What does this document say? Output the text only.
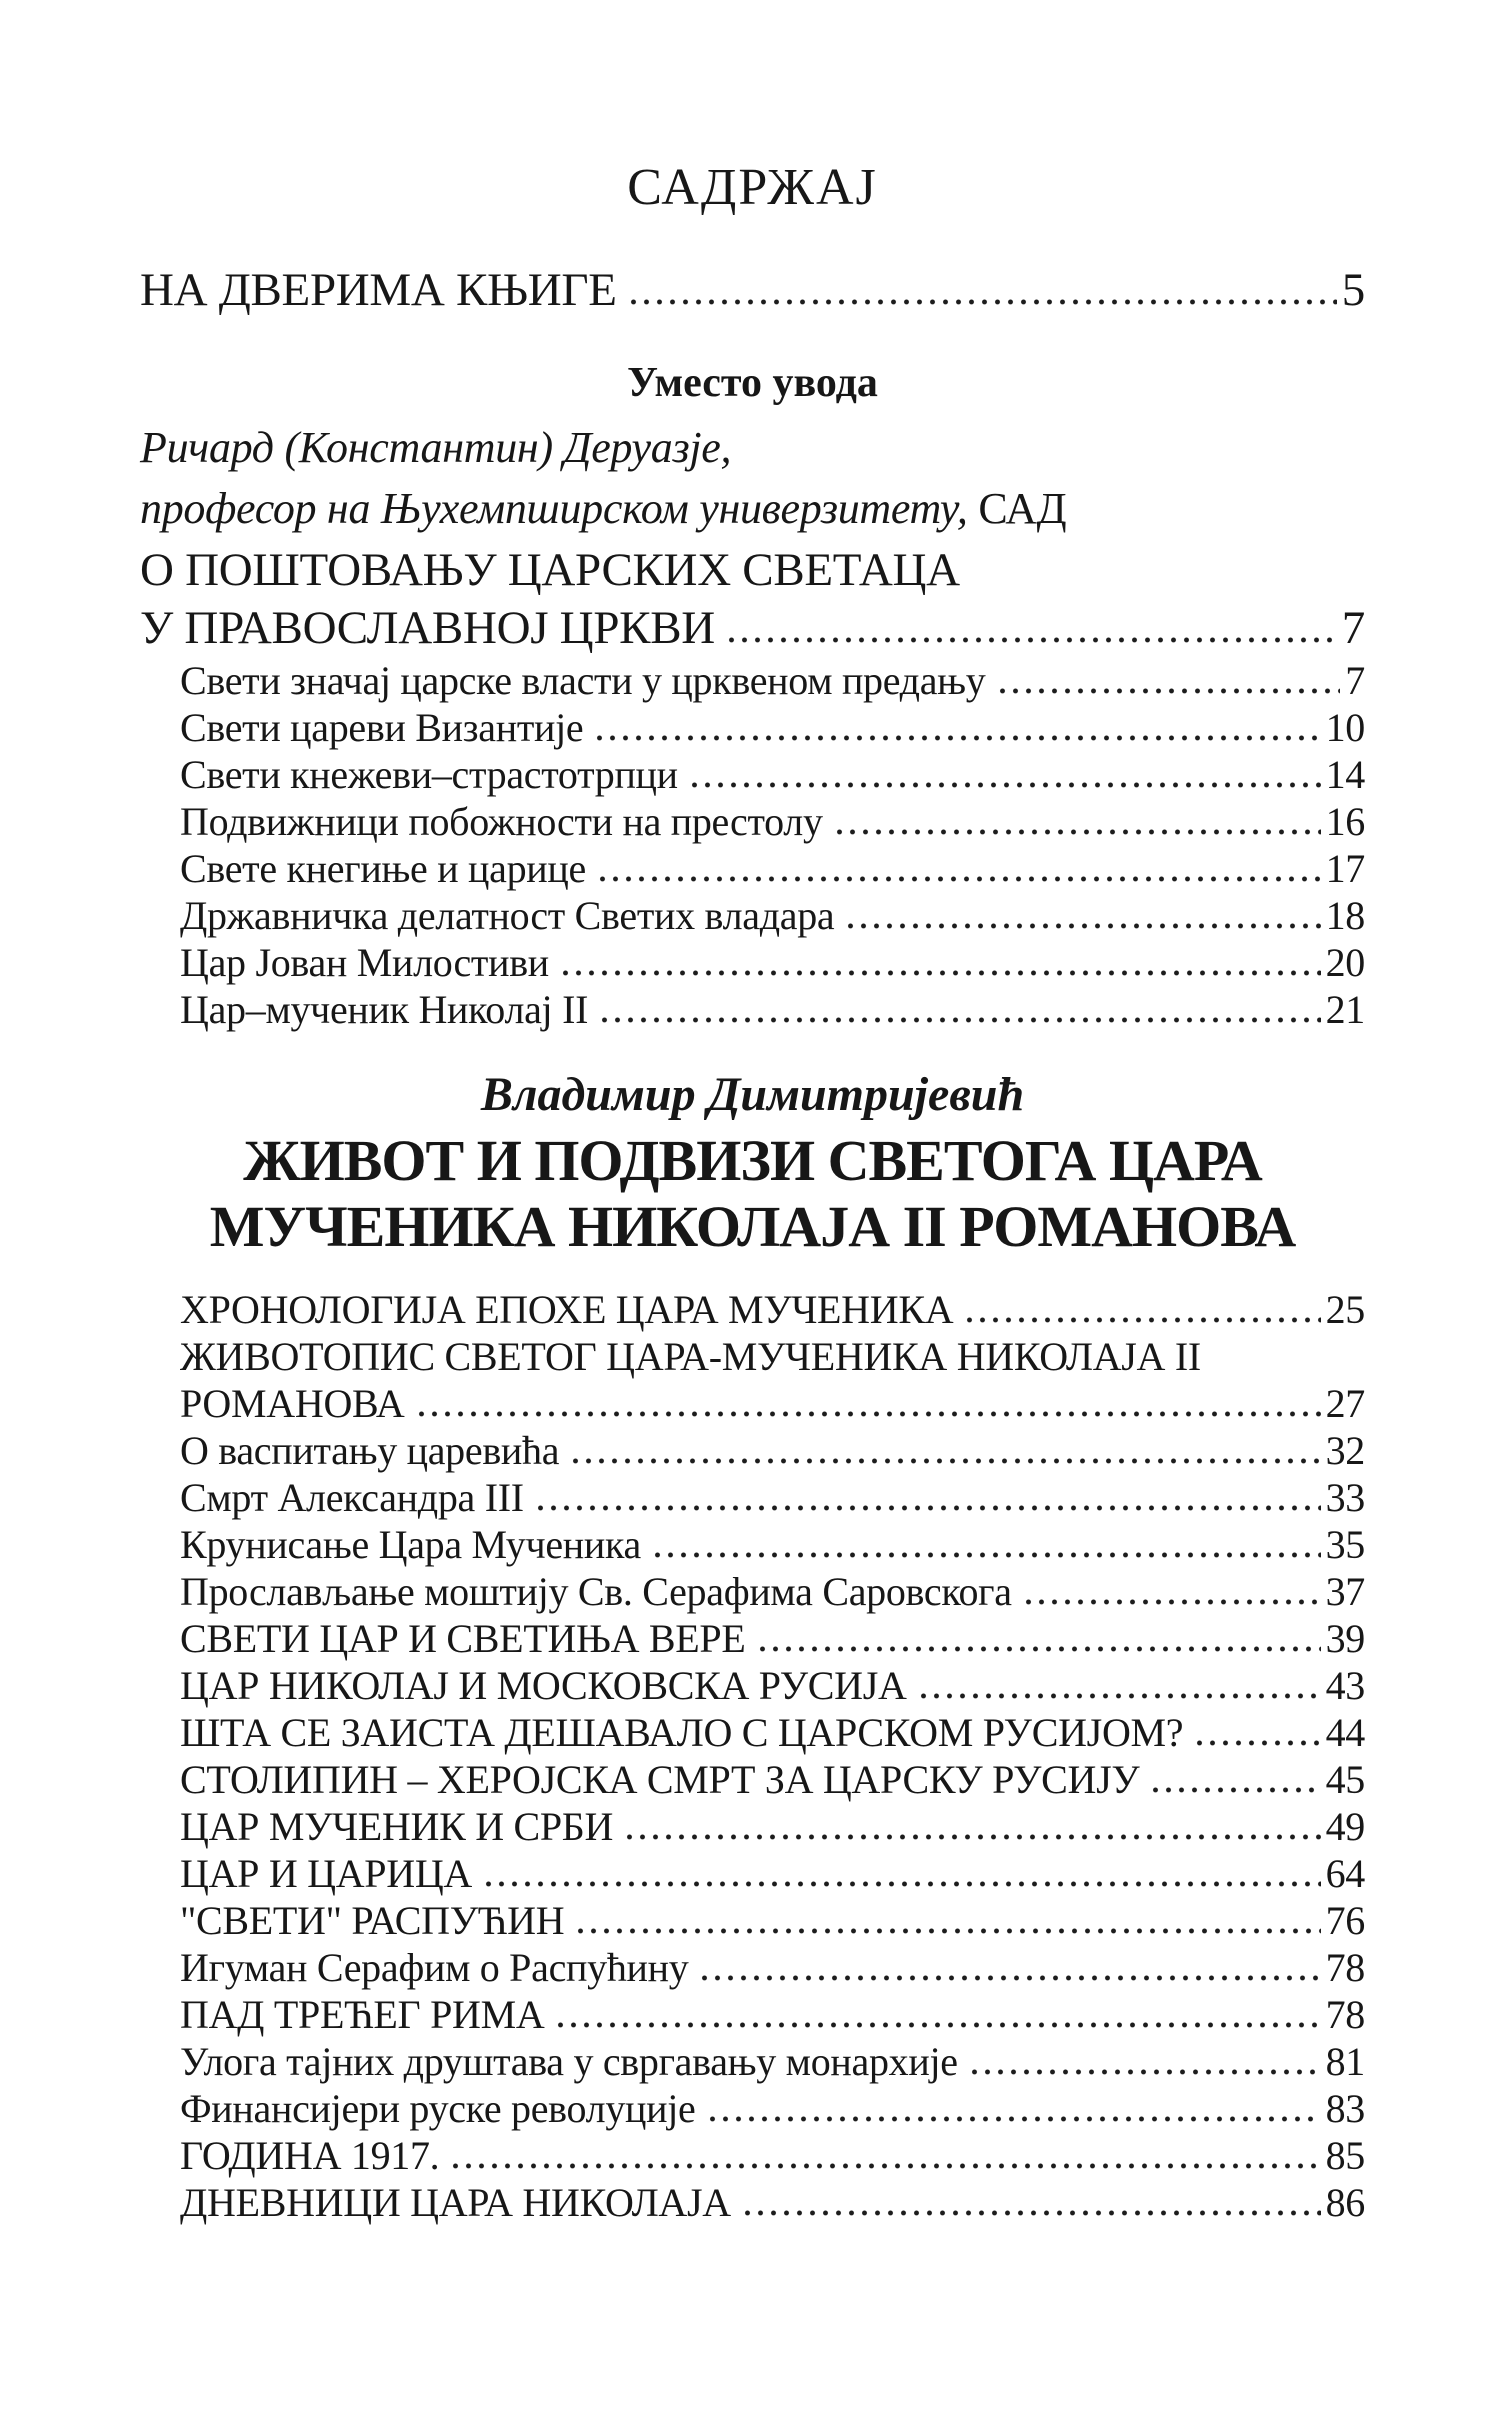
САДРЖАЈ
НА ДВЕРИМА КЊИГЕ	5
Уместо увода
Ричард (Константин) Деруазје,
професор на Њухемпширском универзитету, САД
О ПОШТОВАЊУ ЦАРСКИХ СВЕТАЦА
У ПРАВОСЛАВНОЈ ЦРКВИ	7
Свети значај царске власти у црквеном предању	7
Свети цареви Византије	10
Свети кнежеви–страстотрпци	14
Подвижници побожности на престолу	16
Свете кнегиње и царице	17
Државничка делатност Светих владара	18
Цар Јован Милостиви	20
Цар–мученик Николај II	21
Владимир Димитријевић
ЖИВОТ И ПОДВИЗИ СВЕТОГА ЦАРА
МУЧЕНИКА НИКОЛАЈА II РОМАНОВА
ХРОНОЛОГИЈА ЕПОХЕ ЦАРА МУЧЕНИКА	25
ЖИВОТОПИС СВЕТОГ ЦАРА-МУЧЕНИКА НИКОЛАЈА II
РОМАНОВА	27
О васпитању царевића	32
Смрт Александра III	33
Крунисање Цара Мученика	35
Прослављање моштију Св. Серафима Саровскога	37
СВЕТИ ЦАР И СВЕТИЊА ВЕРЕ	39
ЦАР НИКОЛАЈ И МОСКОВСКА РУСИЈА	43
ШТА СЕ ЗАИСТА ДЕШАВАЛО С ЦАРСКОМ РУСИЈОМ?	44
СТОЛИПИН – ХЕРОЈСКА СМРТ ЗА ЦАРСКУ РУСИЈУ	45
ЦАР МУЧЕНИК И СРБИ	49
ЦАР И ЦАРИЦА	64
"СВЕТИ" РАСПУЋИН	76
Игуман Серафим о Распућину	78
ПАД ТРЕЋЕГ РИМА	78
Улога тајних друштава у свргавању монархије	81
Финансијери руске револуције	83
ГОДИНА 1917.	85
ДНЕВНИЦИ ЦАРА НИКОЛАЈА	86
